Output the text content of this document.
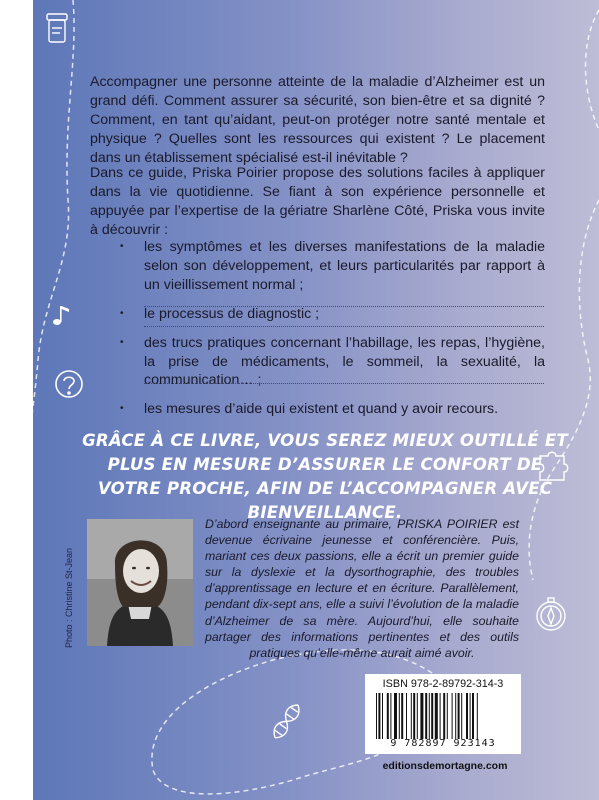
Accompagner une personne atteinte de la maladie d’Alzheimer est un grand défi. Comment assurer sa sécurité, son bien-être et sa dignité ? Comment, en tant qu’aidant, peut-on protéger notre santé mentale et physique ? Quelles sont les ressources qui existent ? Le placement dans un établissement spécialisé est-il inévitable ?

Dans ce guide, Priska Poirier propose des solutions faciles à appliquer dans la vie quotidienne. Se fiant à son expérience personnelle et appuyée par l’expertise de la gériatre Sharlène Côté, Priska vous invite à découvrir :

• les symptômes et les diverses manifestations de la maladie selon son développement, et leurs particularités par rapport à un vieillissement normal ;
• le processus de diagnostic ;
• des trucs pratiques concernant l’habillage, les repas, l’hygiène, la prise de médicaments, le sommeil, la sexualité, la communication… ;
• les mesures d’aide qui existent et quand y avoir recours.

GRÂCE À CE LIVRE, VOUS SEREZ MIEUX OUTILLÉ ET PLUS EN MESURE D’ASSURER LE CONFORT DE VOTRE PROCHE, AFIN DE L’ACCOMPAGNER AVEC BIENVEILLANCE.

Photo : Christine St-Jean

D’abord enseignante au primaire, PRISKA POIRIER est devenue écrivaine jeunesse et conférencière. Puis, mariant ces deux passions, elle a écrit un premier guide sur la dyslexie et la dysorthographie, des troubles d’apprentissage en lecture et en écriture. Parallèlement, pendant dix-sept ans, elle a suivi l’évolution de la maladie d’Alzheimer de sa mère. Aujourd’hui, elle souhaite partager des informations pertinentes et des outils pratiques qu’elle-même aurait aimé avoir.

ISBN 978-2-89792-314-3
9 782897 923143
editionsdemortagne.com
